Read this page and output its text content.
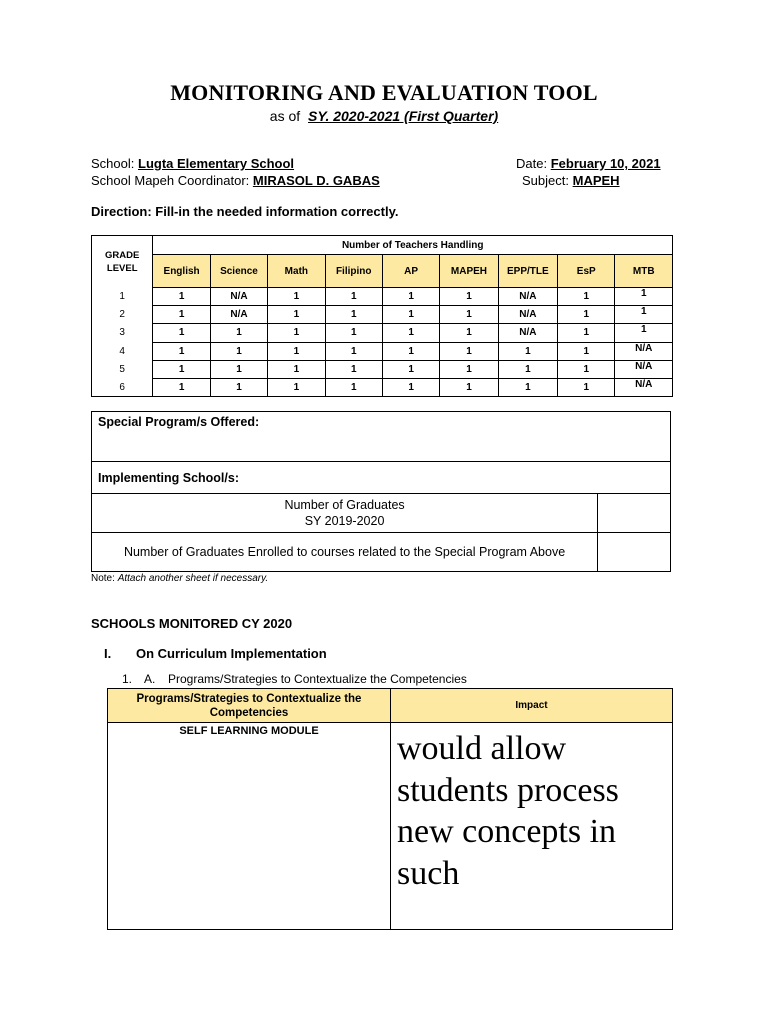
MONITORING AND EVALUATION TOOL
as of SY. 2020-2021 (First Quarter)
School: Lugta Elementary School	Date: February 10, 2021
School Mapeh Coordinator: MIRASOL D. GABAS	Subject: MAPEH
Direction: Fill-in the needed information correctly.
GRADE LEVEL	Number of Teachers Handling								
	English	Science	Math	Filipino	AP	MAPEH	EPP/TLE	EsP	MTB
1	1	N/A	1	1	1	1	N/A	1	1
2	1	N/A	1	1	1	1	N/A	1	1
3	1	1	1	1	1	1	N/A	1	1
4	1	1	1	1	1	1	1	1	N/A
5	1	1	1	1	1	1	1	1	N/A
6	1	1	1	1	1	1	1	1	N/A
Special Program/s Offered:	
Implementing School/s:	

Number of Graduates
SY 2019-2020	

Number of Graduates Enrolled to courses related to the Special Program Above	
Note: Attach another sheet if necessary.
SCHOOLS MONITORED CY 2020
I. On Curriculum Implementation
1. A. Programs/Strategies to Contextualize the Competencies
Programs/Strategies to Contextualize the Competencies	Impact

SELF LEARNING MODULE	would allow students process new concepts in such
